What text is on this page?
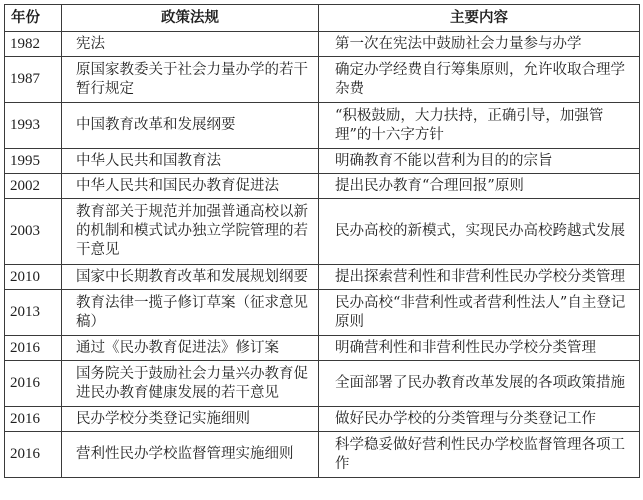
年份	政策法规	主要内容
1982	宪法	第一次在宪法中鼓励社会力量参与办学
1987	原国家教委关于社会力量办学的若干暂行规定	确定办学经费自行筹集原则，允许收取合理学杂费
1993	中国教育改革和发展纲要	“积极鼓励，大力扶持，正确引导，加强管理”的十六字方针
1995	中华人民共和国教育法	明确教育不能以营利为目的的宗旨
2002	中华人民共和国民办教育促进法	提出民办教育“合理回报”原则
2003	教育部关于规范并加强普通高校以新的机制和模式试办独立学院管理的若干意见	民办高校的新模式，实现民办高校跨越式发展
2010	国家中长期教育改革和发展规划纲要	提出探索营利性和非营利性民办学校分类管理
2013	教育法律一揽子修订草案（征求意见稿）	民办高校“非营利性或者营利性法人”自主登记原则
2016	通过《民办教育促进法》修订案	明确营利性和非营利性民办学校分类管理
2016	国务院关于鼓励社会力量兴办教育促进民办教育健康发展的若干意见	全面部署了民办教育改革发展的各项政策措施
2016	民办学校分类登记实施细则	做好民办学校的分类管理与分类登记工作
2016	营利性民办学校监督管理实施细则	科学稳妥做好营利性民办学校监督管理各项工作
